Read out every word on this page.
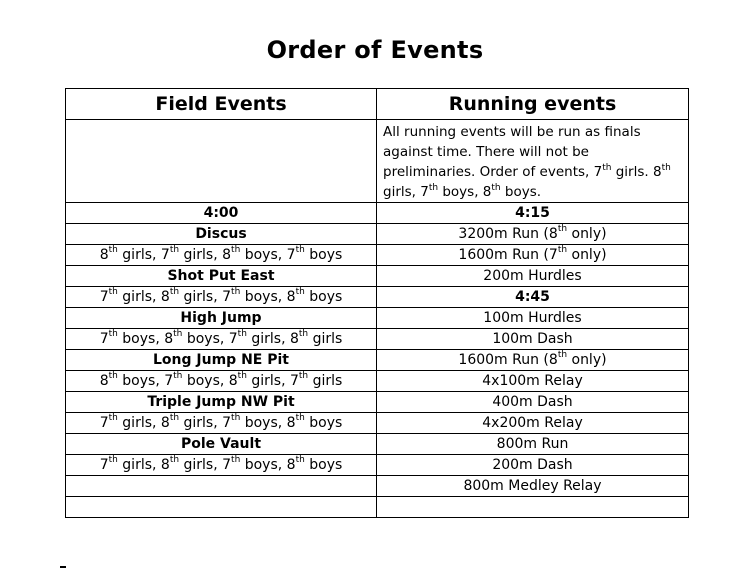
Order of Events
Field Events	Running events
	All running events will be run as finals against time. There will not be preliminaries. Order of events, 7th girls. 8th girls, 7th boys, 8th boys.
4:00	4:15
Discus	3200m Run (8th only)
8th girls, 7th girls, 8th boys, 7th boys	1600m Run (7th only)
Shot Put East	200m Hurdles
7th girls, 8th girls, 7th boys, 8th boys	4:45
High Jump	100m Hurdles
7th boys, 8th boys, 7th girls, 8th girls	100m Dash
Long Jump NE Pit	1600m Run (8th only)
8th boys, 7th boys, 8th girls, 7th girls	4x100m Relay
Triple Jump NW Pit	400m Dash
7th girls, 8th girls, 7th boys, 8th boys	4x200m Relay
Pole Vault	800m Run
7th girls, 8th girls, 7th boys, 8th boys	200m Dash
	800m Medley Relay
